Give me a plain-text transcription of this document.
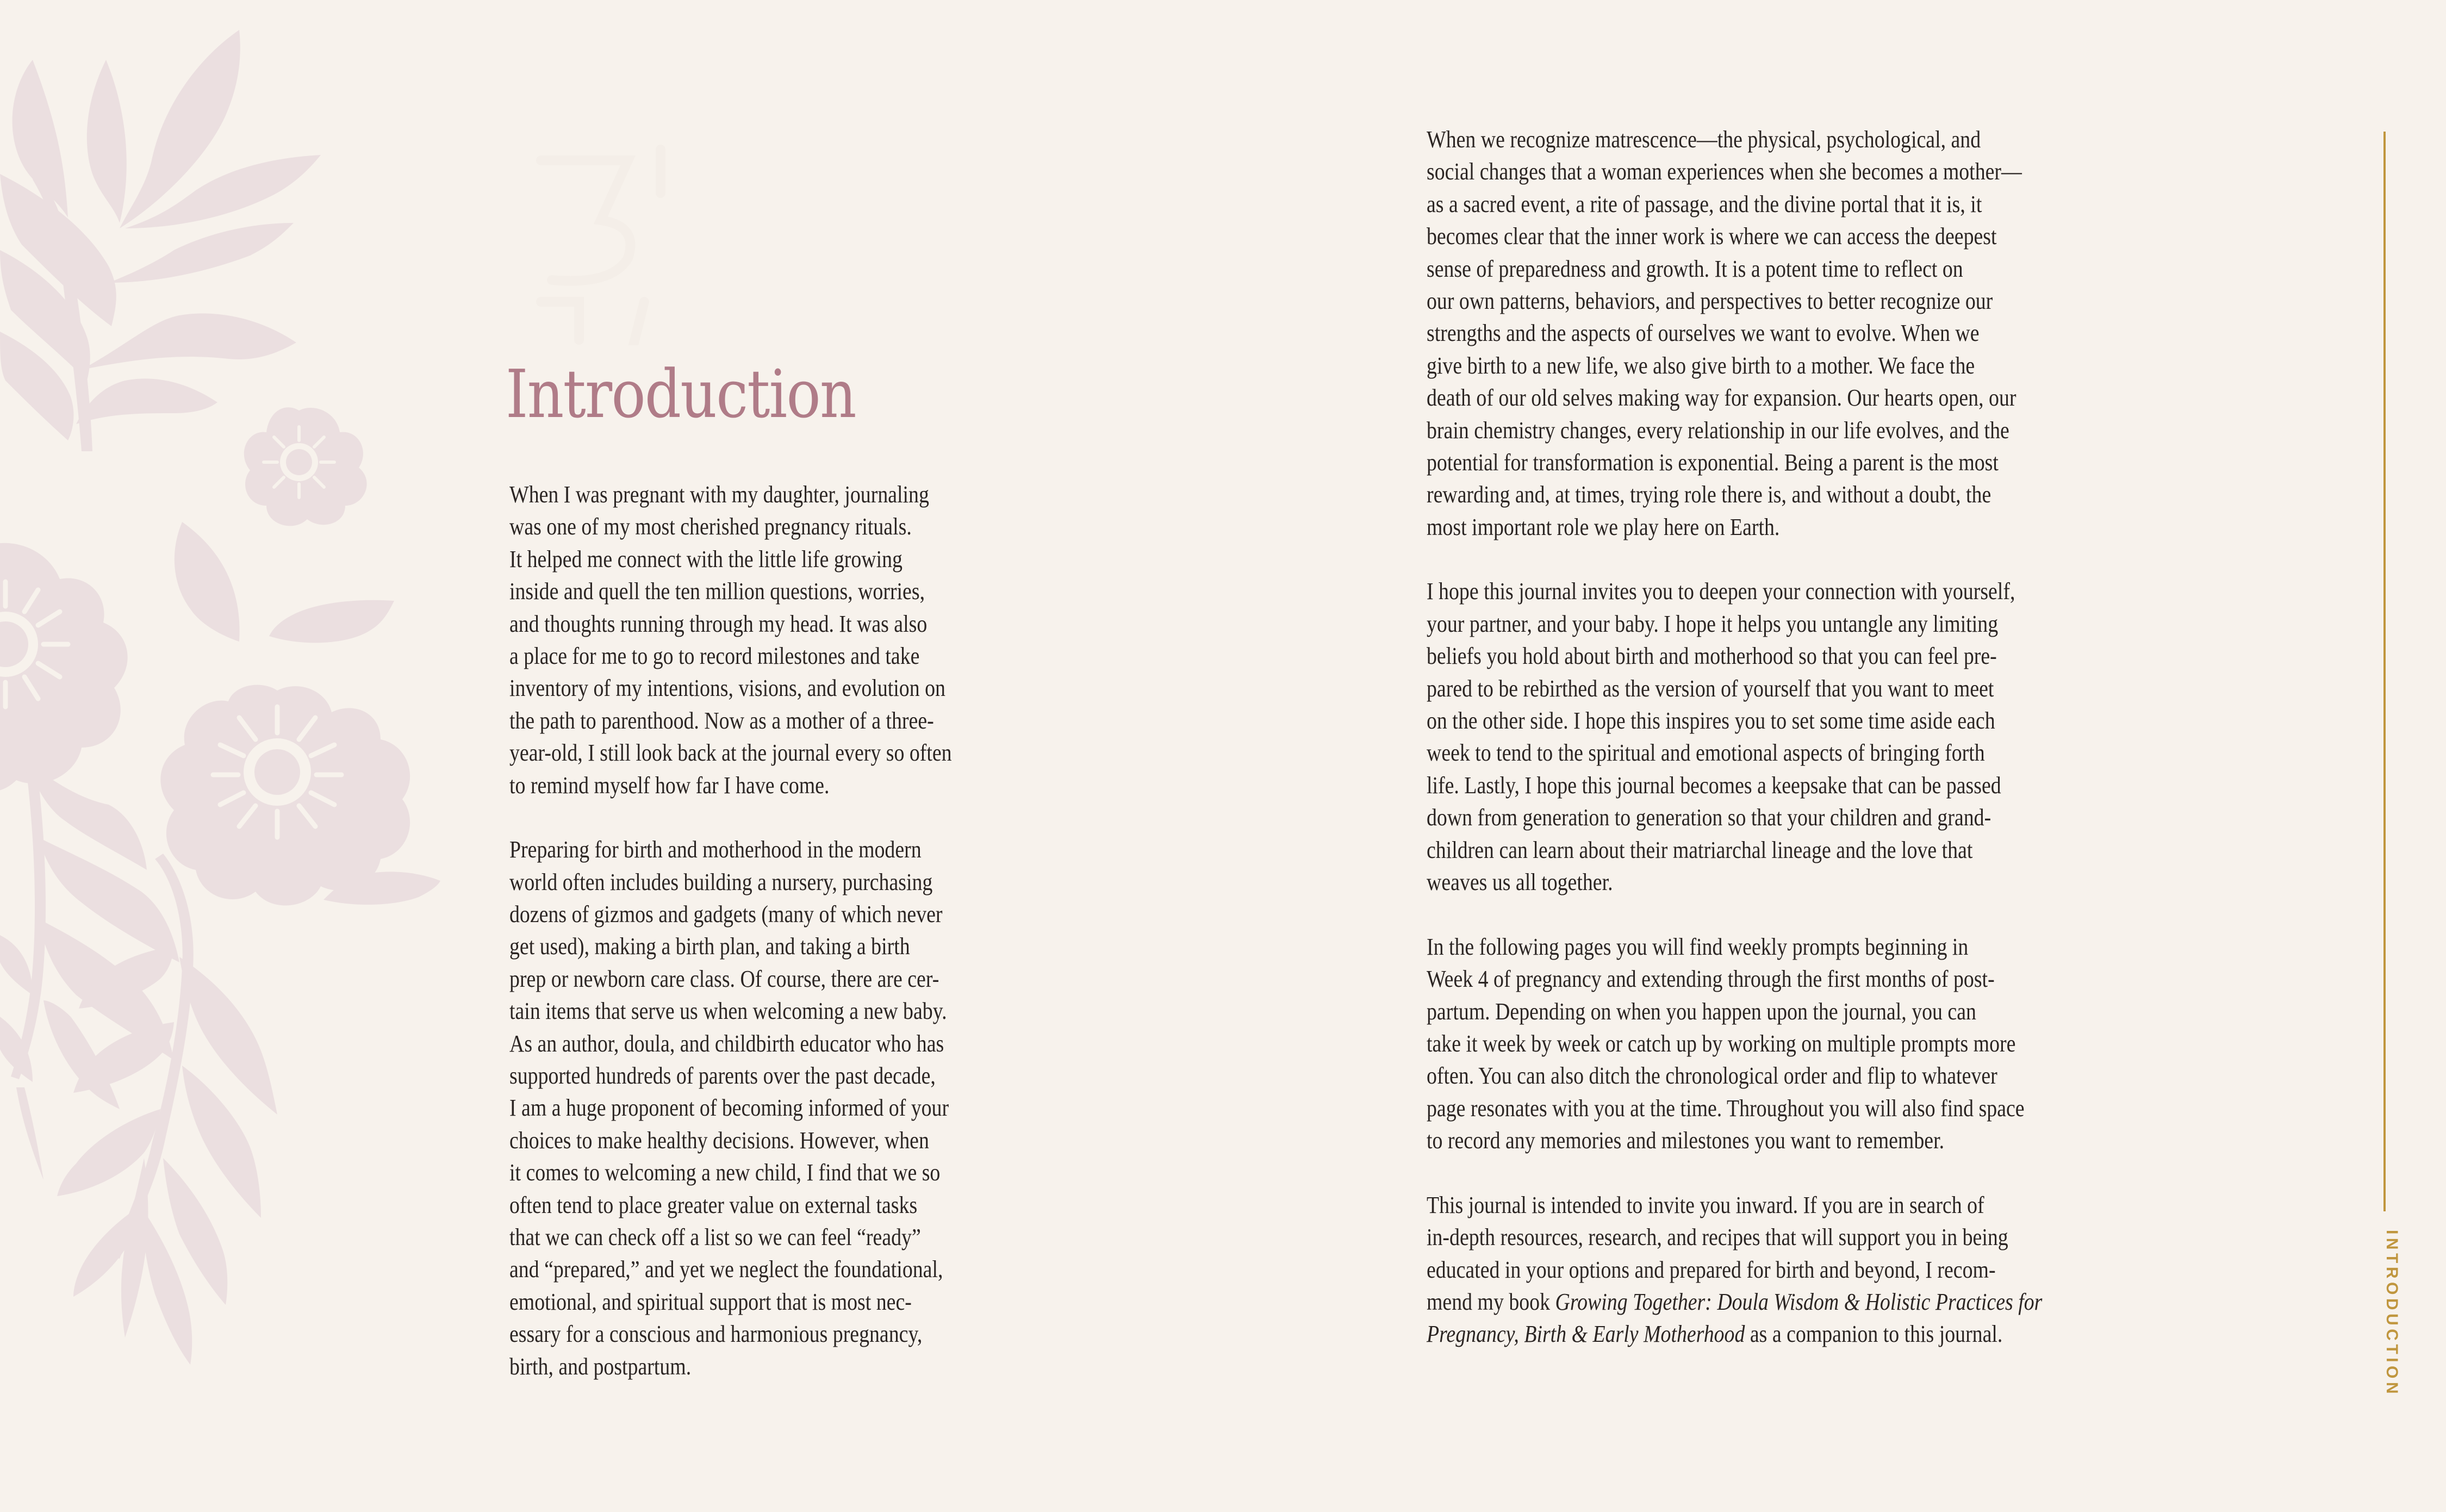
Introduction

When I was pregnant with my daughter, journaling
was one of my most cherished pregnancy rituals.
It helped me connect with the little life growing
inside and quell the ten million questions, worries,
and thoughts running through my head. It was also
a place for me to go to record milestones and take
inventory of my intentions, visions, and evolution on
the path to parenthood. Now as a mother of a three-
year-old, I still look back at the journal every so often
to remind myself how far I have come.

Preparing for birth and motherhood in the modern
world often includes building a nursery, purchasing
dozens of gizmos and gadgets (many of which never
get used), making a birth plan, and taking a birth
prep or newborn care class. Of course, there are cer-
tain items that serve us when welcoming a new baby.
As an author, doula, and childbirth educator who has
supported hundreds of parents over the past decade,
I am a huge proponent of becoming informed of your
choices to make healthy decisions. However, when
it comes to welcoming a new child, I find that we so
often tend to place greater value on external tasks
that we can check off a list so we can feel “ready”
and “prepared,” and yet we neglect the foundational,
emotional, and spiritual support that is most nec-
essary for a conscious and harmonious pregnancy,
birth, and postpartum.

When we recognize matrescence—the physical, psychological, and
social changes that a woman experiences when she becomes a mother—
as a sacred event, a rite of passage, and the divine portal that it is, it
becomes clear that the inner work is where we can access the deepest
sense of preparedness and growth. It is a potent time to reflect on
our own patterns, behaviors, and perspectives to better recognize our
strengths and the aspects of ourselves we want to evolve. When we
give birth to a new life, we also give birth to a mother. We face the
death of our old selves making way for expansion. Our hearts open, our
brain chemistry changes, every relationship in our life evolves, and the
potential for transformation is exponential. Being a parent is the most
rewarding and, at times, trying role there is, and without a doubt, the
most important role we play here on Earth.

I hope this journal invites you to deepen your connection with yourself,
your partner, and your baby. I hope it helps you untangle any limiting
beliefs you hold about birth and motherhood so that you can feel pre-
pared to be rebirthed as the version of yourself that you want to meet
on the other side. I hope this inspires you to set some time aside each
week to tend to the spiritual and emotional aspects of bringing forth
life. Lastly, I hope this journal becomes a keepsake that can be passed
down from generation to generation so that your children and grand-
children can learn about their matriarchal lineage and the love that
weaves us all together.

In the following pages you will find weekly prompts beginning in
Week 4 of pregnancy and extending through the first months of post-
partum. Depending on when you happen upon the journal, you can
take it week by week or catch up by working on multiple prompts more
often. You can also ditch the chronological order and flip to whatever
page resonates with you at the time. Throughout you will also find space
to record any memories and milestones you want to remember.

This journal is intended to invite you inward. If you are in search of
in-depth resources, research, and recipes that will support you in being
educated in your options and prepared for birth and beyond, I recom-
mend my book Growing Together: Doula Wisdom & Holistic Practices for
Pregnancy, Birth & Early Motherhood as a companion to this journal.	INTRODUCTION
